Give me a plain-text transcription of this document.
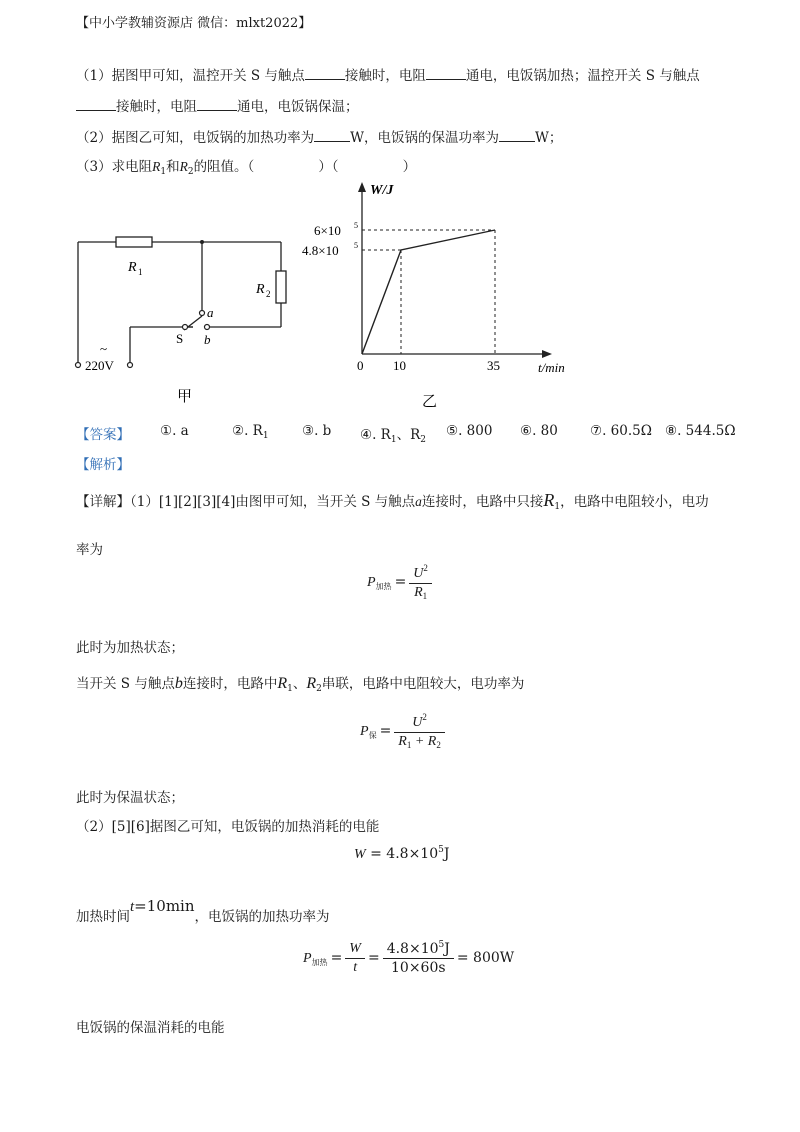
【中小学教辅资源店 微信：mlxt2022】
（1）据图甲可知，温控开关 S 与触点	接触时，电阻	通电，电饭锅加热；温控开关 S 与触点
接触时，电阻	通电，电饭锅保温；
（2）据图乙可知，电饭锅的加热功率为	W，电饭锅的保温功率为	W；
（3）求电阻$R_1$和$R_2$的阻值。（	）（	）
R 1
R 2
a
S b
~
220V
甲
W/J
6×10 5
4.8×10 5
0 10	35	t/min
乙
【答案】 ①. a	②. $R_1$ ③. b ④. $R_1$、$R_2$
⑤. 800 ⑥. 80 ⑦. 60.5Ω ⑧. 544.5Ω
【解析】
【详解】（1）[1][2][3][4]由图甲可知，当开关 S 与触点a连接时，电路中只接$R_1$，电路中电阻较小，电功
率为
$P_{加热} = \frac{U^2}{R_1}$
此时为加热状态；
当开关 S 与触点b连接时，电路中$R_1$、$R_2$串联，电路中电阻较大，电功率为
$P_保 = \frac{U^2}{R_1 + R_2}$
此时为保温状态；
（2）[5][6]据图乙可知，电饭锅的加热消耗的电能
$W = 4.8\times 10^5J$
加热时间t=10min，电饭锅的加热功率为
$P_{加热} = \frac{W}{t} = \frac{4.8\times 10^5J}{10\times 60s} = 800W$
电饭锅的保温消耗的电能
